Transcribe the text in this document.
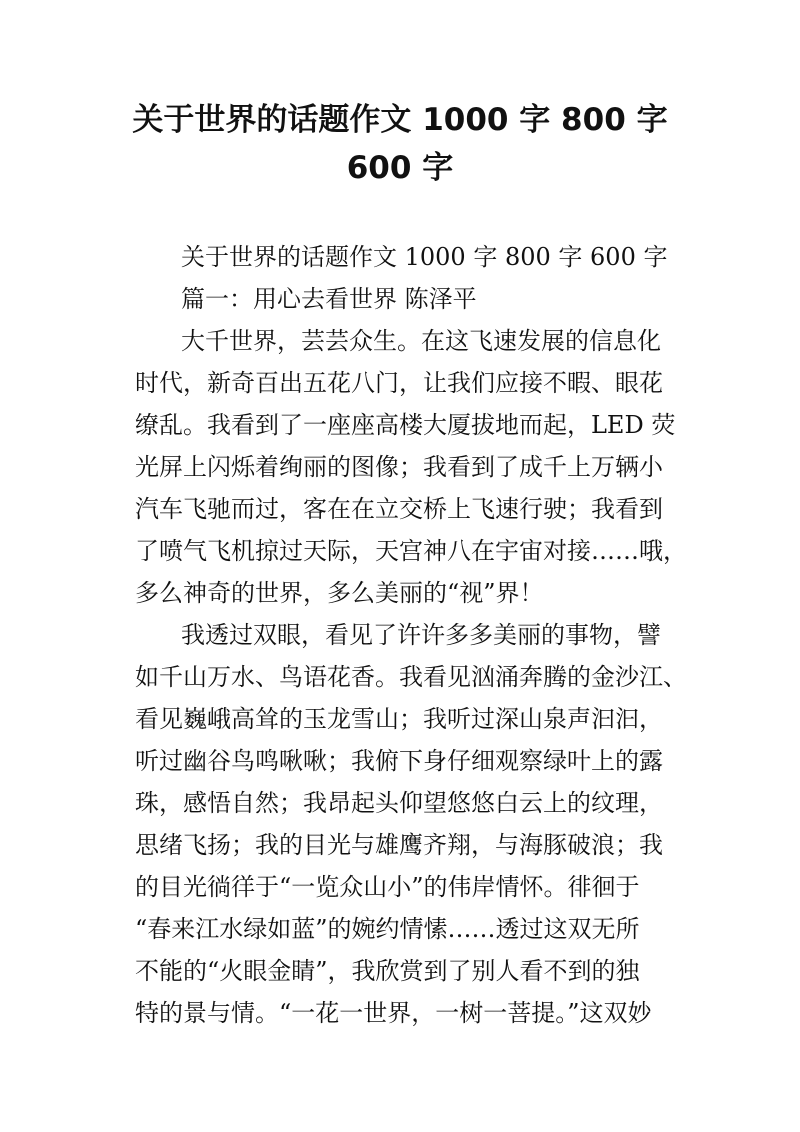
关于世界的话题作文 1000 字 800 字
600 字
关于世界的话题作文 1000 字 800 字 600 字
篇一：用心去看世界 陈泽平
大千世界，芸芸众生。在这飞速发展的信息化
时代，新奇百出五花八门，让我们应接不暇、眼花
缭乱。我看到了一座座高楼大厦拔地而起，LED 荧
光屏上闪烁着绚丽的图像；我看到了成千上万辆小
汽车飞驰而过，客在在立交桥上飞速行驶；我看到
了喷气飞机掠过天际，天宫神八在宇宙对接……哦，
多么神奇的世界，多么美丽的“视”界！
我透过双眼，看见了许许多多美丽的事物，譬
如千山万水、鸟语花香。我看见汹涌奔腾的金沙江、
看见巍峨高耸的玉龙雪山；我听过深山泉声汩汩，
听过幽谷鸟鸣啾啾；我俯下身仔细观察绿叶上的露
珠，感悟自然；我昂起头仰望悠悠白云上的纹理，
思绪飞扬；我的目光与雄鹰齐翔，与海豚破浪；我
的目光徜徉于“一览众山小”的伟岸情怀。徘徊于
“春来江水绿如蓝”的婉约情愫……透过这双无所
不能的“火眼金睛”，我欣赏到了别人看不到的独
特的景与情。“一花一世界，一树一菩提。”这双妙
